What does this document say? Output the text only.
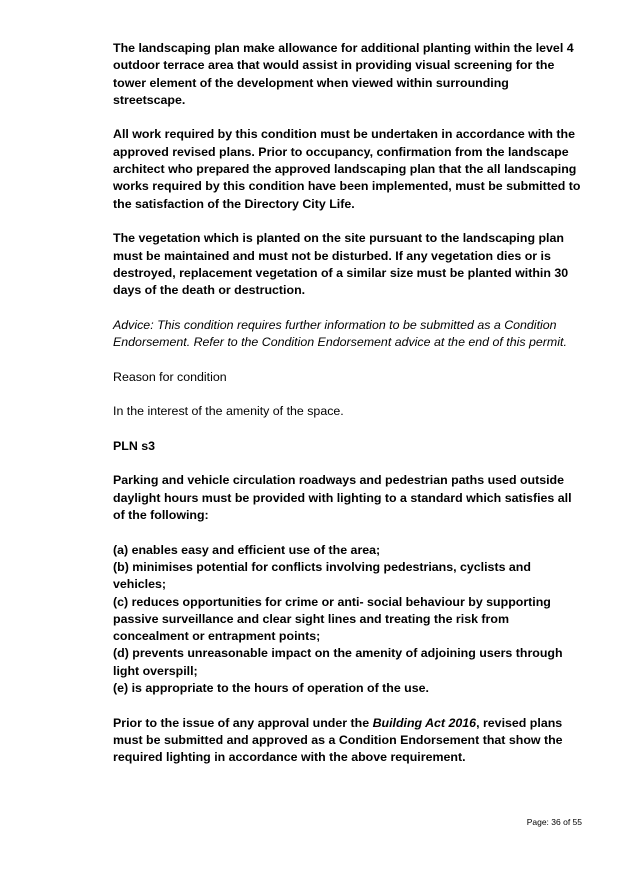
The landscaping plan make allowance for additional planting within the level 4 outdoor terrace area that would assist in providing visual screening for the tower element of the development when viewed within surrounding streetscape.

All work required by this condition must be undertaken in accordance with the approved revised plans. Prior to occupancy, confirmation from the landscape architect who prepared the approved landscaping plan that the all landscaping works required by this condition have been implemented, must be submitted to the satisfaction of the Directory City Life.

The vegetation which is planted on the site pursuant to the landscaping plan must be maintained and must not be disturbed. If any vegetation dies or is destroyed, replacement vegetation of a similar size must be planted within 30 days of the death or destruction.

Advice: This condition requires further information to be submitted as a Condition Endorsement. Refer to the Condition Endorsement advice at the end of this permit.

Reason for condition

In the interest of the amenity of the space.

PLN s3

Parking and vehicle circulation roadways and pedestrian paths used outside daylight hours must be provided with lighting to a standard which satisfies all of the following:

(a) enables easy and efficient use of the area;

(b) minimises potential for conflicts involving pedestrians, cyclists and vehicles;

(c) reduces opportunities for crime or anti- social behaviour by supporting passive surveillance and clear sight lines and treating the risk from concealment or entrapment points;

(d) prevents unreasonable impact on the amenity of adjoining users through light overspill;

(e) is appropriate to the hours of operation of the use.

Prior to the issue of any approval under the Building Act 2016, revised plans must be submitted and approved as a Condition Endorsement that show the required lighting in accordance with the above requirement.

Page: 36 of 55
